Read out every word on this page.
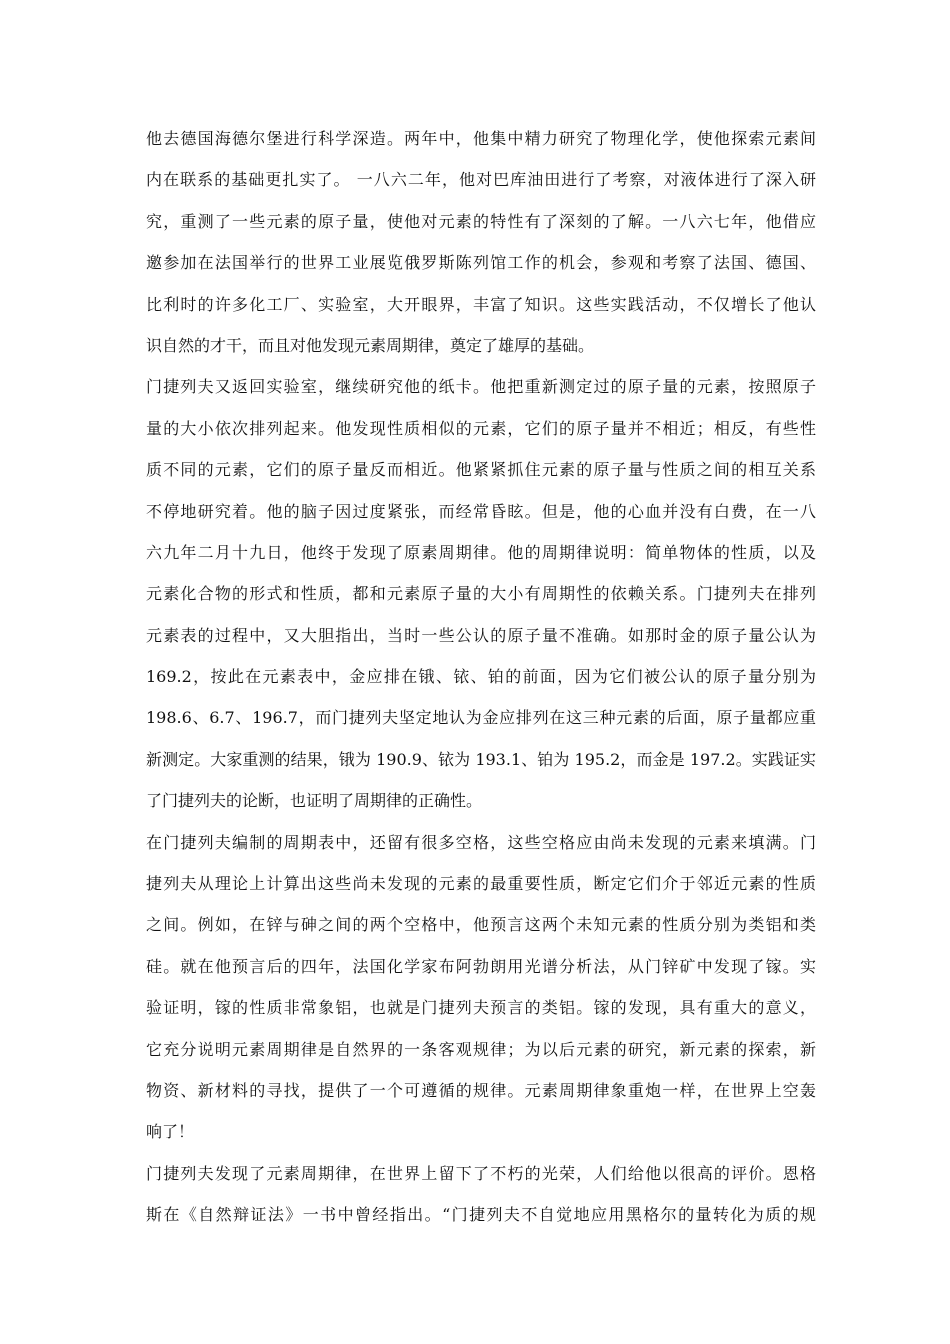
他去德国海德尔堡进行科学深造。两年中，他集中精力研究了物理化学，使他探索元素间
内在联系的基础更扎实了。 一八六二年，他对巴库油田进行了考察，对液体进行了深入研
究，重测了一些元素的原子量，使他对元素的特性有了深刻的了解。一八六七年，他借应
邀参加在法国举行的世界工业展览俄罗斯陈列馆工作的机会，参观和考察了法国、德国、
比利时的许多化工厂、实验室，大开眼界，丰富了知识。这些实践活动，不仅增长了他认
识自然的才干，而且对他发现元素周期律，奠定了雄厚的基础。
门捷列夫又返回实验室，继续研究他的纸卡。他把重新测定过的原子量的元素，按照原子
量的大小依次排列起来。他发现性质相似的元素，它们的原子量并不相近；相反，有些性
质不同的元素，它们的原子量反而相近。他紧紧抓住元素的原子量与性质之间的相互关系
不停地研究着。他的脑子因过度紧张，而经常昏眩。但是，他的心血并没有白费，在一八
六九年二月十九日，他终于发现了原素周期律。他的周期律说明：简单物体的性质，以及
元素化合物的形式和性质，都和元素原子量的大小有周期性的依赖关系。门捷列夫在排列
元素表的过程中，又大胆指出，当时一些公认的原子量不准确。如那时金的原子量公认为
169.2，按此在元素表中，金应排在锇、铱、铂的前面，因为它们被公认的原子量分别为
198.6、6.7、196.7，而门捷列夫坚定地认为金应排列在这三种元素的后面，原子量都应重
新测定。大家重测的结果，锇为 190.9、铱为 193.1、铂为 195.2，而金是 197.2。实践证实
了门捷列夫的论断，也证明了周期律的正确性。
在门捷列夫编制的周期表中，还留有很多空格，这些空格应由尚未发现的元素来填满。门
捷列夫从理论上计算出这些尚未发现的元素的最重要性质，断定它们介于邻近元素的性质
之间。例如，在锌与砷之间的两个空格中，他预言这两个未知元素的性质分别为类铝和类
硅。就在他预言后的四年，法国化学家布阿勃朗用光谱分析法，从门锌矿中发现了镓。实
验证明，镓的性质非常象铝，也就是门捷列夫预言的类铝。镓的发现，具有重大的意义，
它充分说明元素周期律是自然界的一条客观规律；为以后元素的研究，新元素的探索，新
物资、新材料的寻找，提供了一个可遵循的规律。元素周期律象重炮一样，在世界上空轰
响了！
门捷列夫发现了元素周期律，在世界上留下了不朽的光荣，人们给他以很高的评价。恩格
斯在《自然辩证法》一书中曾经指出。“门捷列夫不自觉地应用黑格尔的量转化为质的规
